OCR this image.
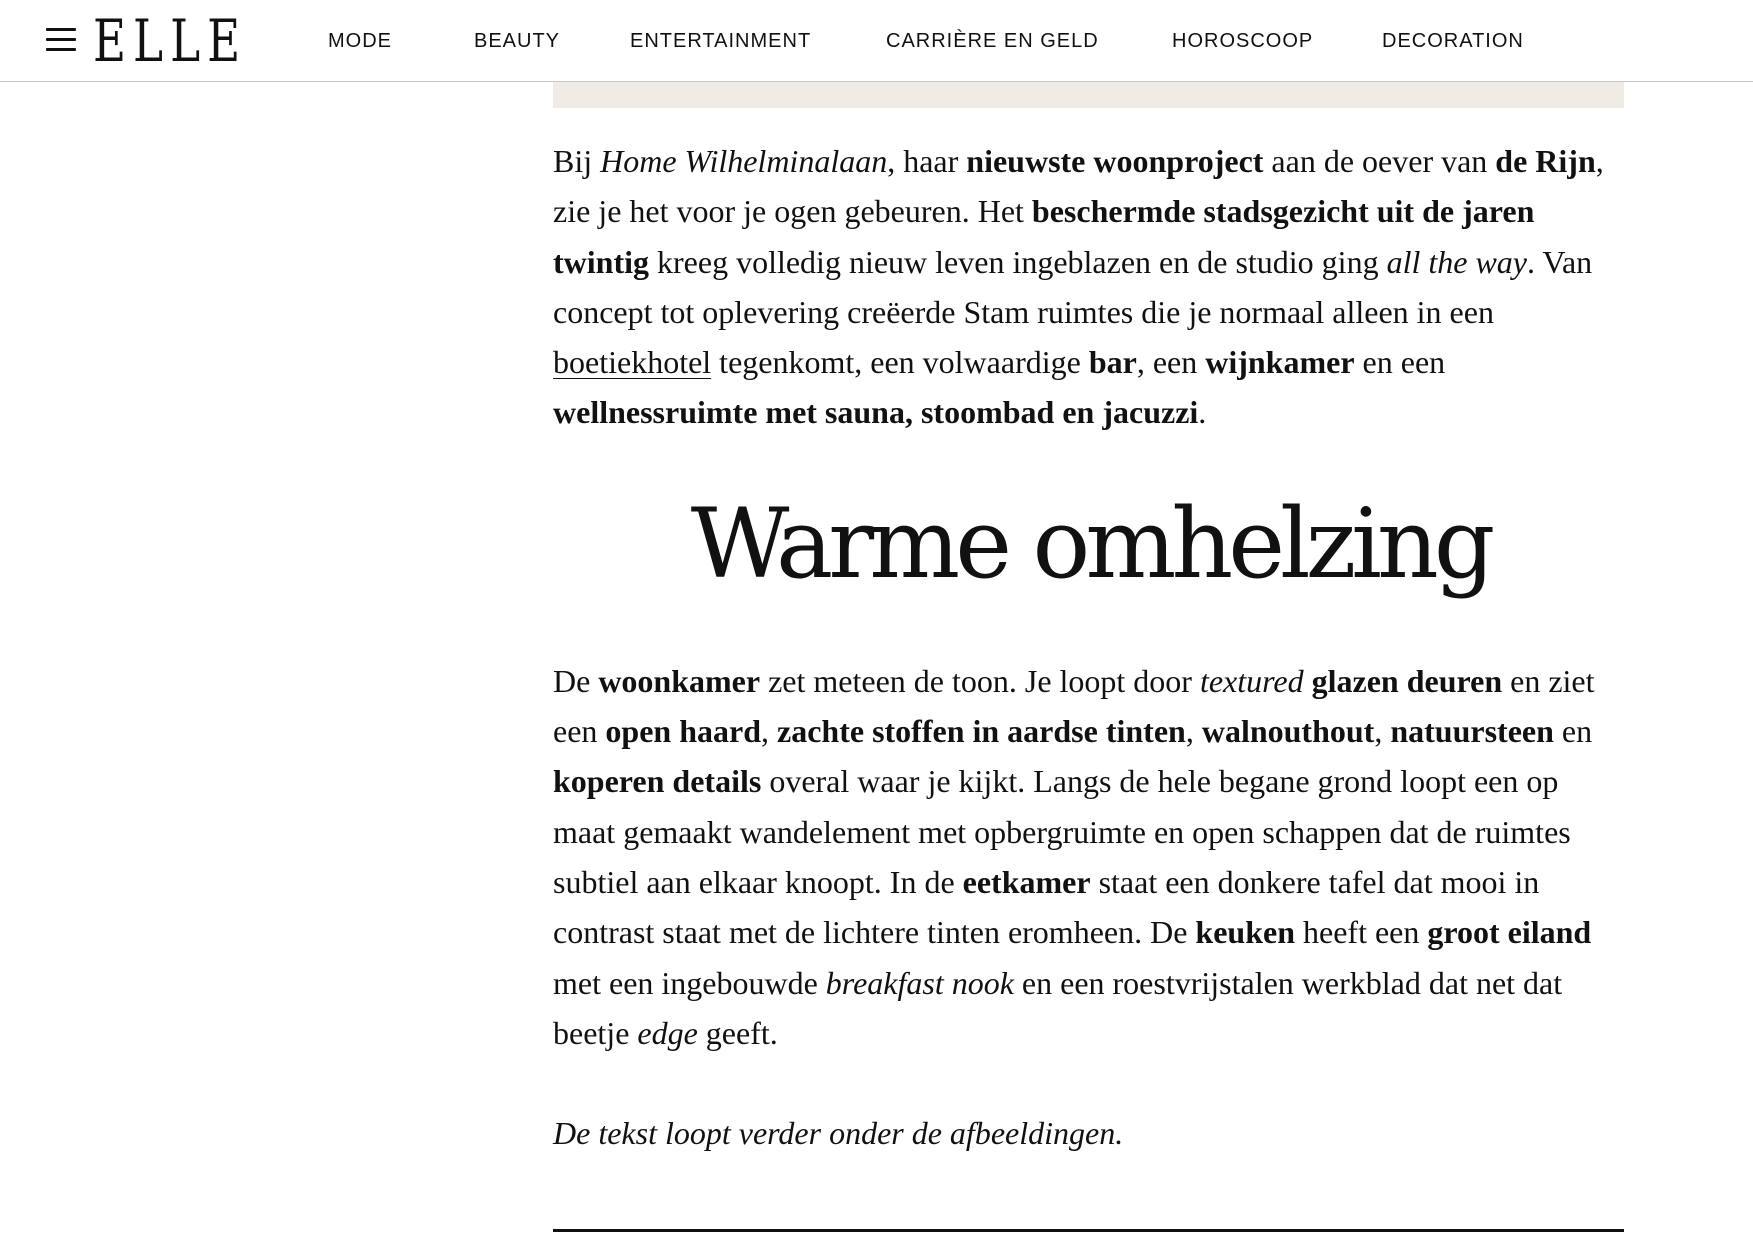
ELLE	MODE	BEAUTY	ENTERTAINMENT	CARRIÈRE EN GELD	HOROSCOOP	DECORATION

Bij Home Wilhelminalaan, haar nieuwste woonproject aan de oever van de Rijn, zie je het voor je ogen gebeuren. Het beschermde stadsgezicht uit de jaren twintig kreeg volledig nieuw leven ingeblazen en de studio ging all the way. Van concept tot oplevering creëerde Stam ruimtes die je normaal alleen in een boetiekhotel tegenkomt, een volwaardige bar, een wijnkamer en een wellnessruimte met sauna, stoombad en jacuzzi.

Warme omhelzing

De woonkamer zet meteen de toon. Je loopt door textured glazen deuren en ziet een open haard, zachte stoffen in aardse tinten, walnouthout, natuursteen en koperen details overal waar je kijkt. Langs de hele begane grond loopt een op maat gemaakt wandelement met opbergruimte en open schappen dat de ruimtes subtiel aan elkaar knoopt. In de eetkamer staat een donkere tafel dat mooi in contrast staat met de lichtere tinten eromheen. De keuken heeft een groot eiland met een ingebouwde breakfast nook en een roestvrijstalen werkblad dat net dat beetje edge geeft.

De tekst loopt verder onder de afbeeldingen.
